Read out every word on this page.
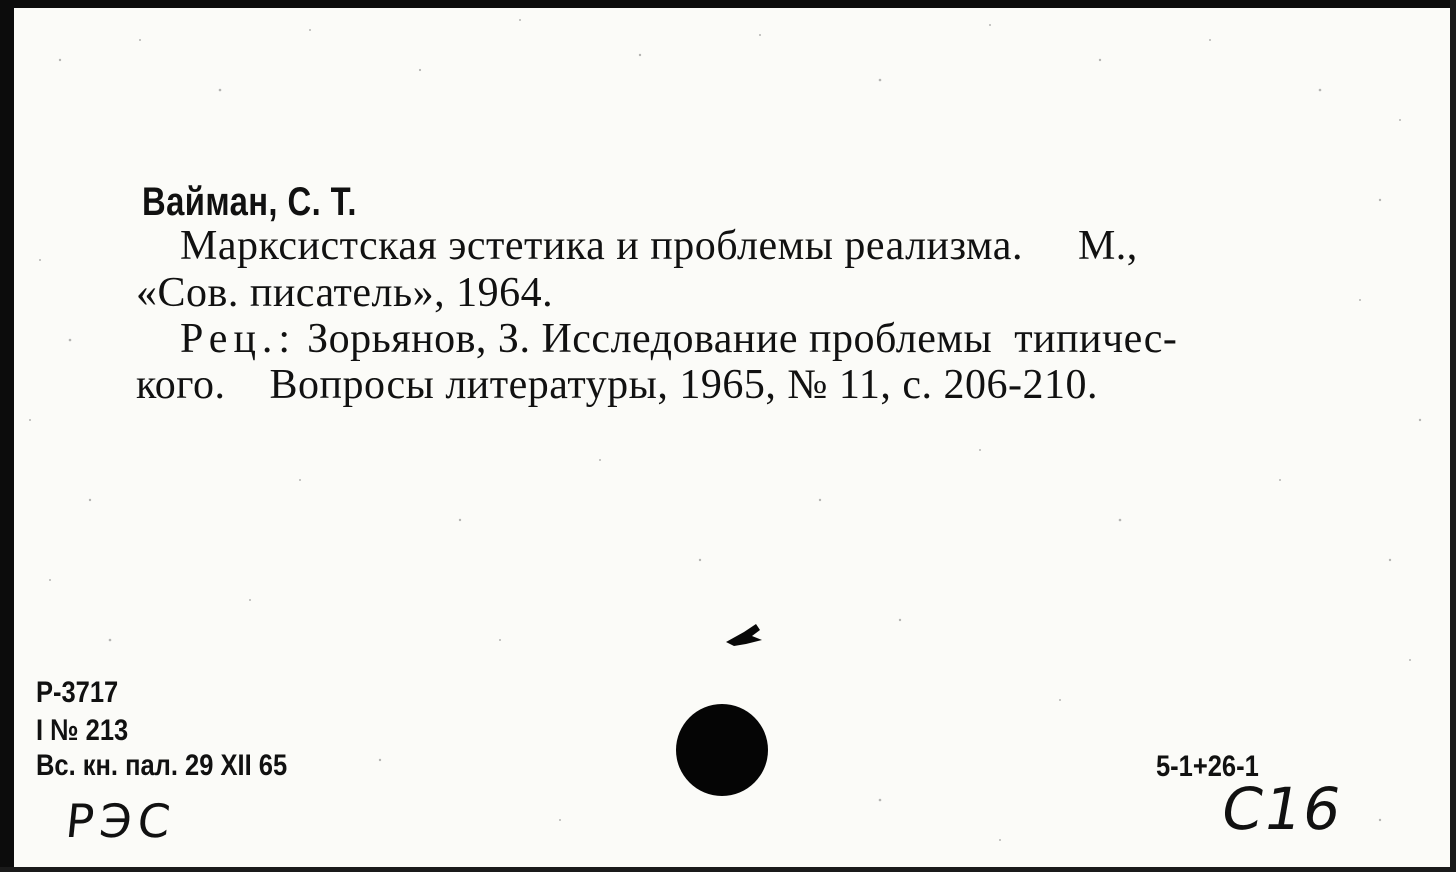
Вайман, С. Т.
Марксистская эстетика и проблемы реализма.     М.,
«Сов. писатель», 1964.
Рец.: Зорьянов, З. Исследование проблемы  типичес-
кого.    Вопросы литературы, 1965, № 11, с. 206-210.
Р-3717
I № 213
Вс. кн. пал. 29 XII 65	5-1+26-1
РЭС	С16
